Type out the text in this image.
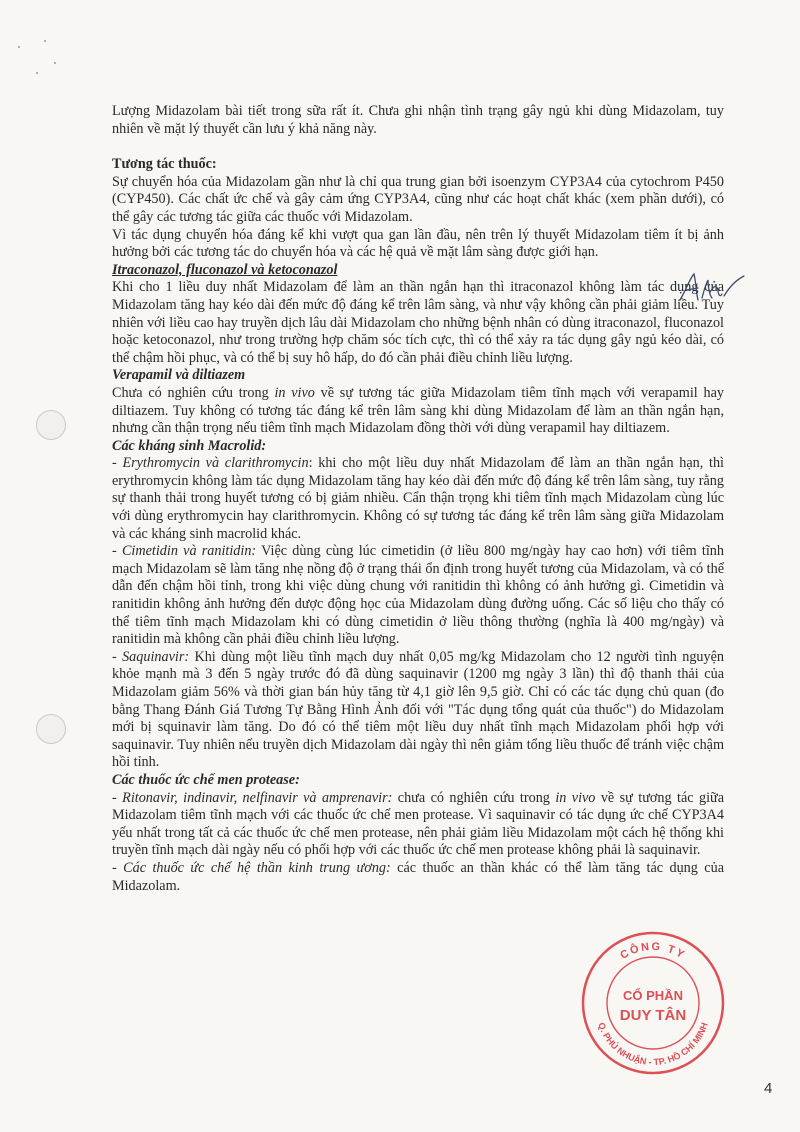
Lượng Midazolam bài tiết trong sữa rất ít. Chưa ghi nhận tình trạng gây ngủ khi dùng Midazolam, tuy nhiên về mặt lý thuyết cần lưu ý khả năng này.

Tương tác thuốc:

Sự chuyển hóa của Midazolam gần như là chỉ qua trung gian bởi isoenzym CYP3A4 của cytochrom P450 (CYP450). Các chất ức chế và gây cảm ứng CYP3A4, cũng như các hoạt chất khác (xem phần dưới), có thể gây các tương tác giữa các thuốc với Midazolam.

Vì tác dụng chuyển hóa đáng kể khi vượt qua gan lần đầu, nên trên lý thuyết Midazolam tiêm ít bị ảnh hưởng bởi các tương tác do chuyển hóa và các hệ quả về mặt lâm sàng được giới hạn.

Itraconazol, fluconazol và ketoconazol

Khi cho 1 liều duy nhất Midazolam để làm an thần ngắn hạn thì itraconazol không làm tác dụng của Midazolam tăng hay kéo dài đến mức độ đáng kể trên lâm sàng, và như vậy không cần phải giảm liều. Tuy nhiên với liều cao hay truyền dịch lâu dài Midazolam cho những bệnh nhân có dùng itraconazol, fluconazol hoặc ketoconazol, như trong trường hợp chăm sóc tích cực, thì có thể xảy ra tác dụng gây ngủ kéo dài, có thể chậm hồi phục, và có thể bị suy hô hấp, do đó cần phải điều chỉnh liều lượng.

Verapamil và diltiazem

Chưa có nghiên cứu trong in vivo về sự tương tác giữa Midazolam tiêm tĩnh mạch với verapamil hay diltiazem. Tuy không có tương tác đáng kể trên lâm sàng khi dùng Midazolam để làm an thần ngắn hạn, nhưng cần thận trọng nếu tiêm tĩnh mạch Midazolam đồng thời với dùng verapamil hay diltiazem.

Các kháng sinh Macrolid:

- Erythromycin và clarithromycin: khi cho một liều duy nhất Midazolam để làm an thần ngắn hạn, thì erythromycin không làm tác dụng Midazolam tăng hay kéo dài đến mức độ đáng kể trên lâm sàng, tuy rằng sự thanh thải trong huyết tương có bị giảm nhiều. Cẩn thận trọng khi tiêm tĩnh mạch Midazolam cùng lúc với dùng erythromycin hay clarithromycin. Không có sự tương tác đáng kể trên lâm sàng giữa Midazolam và các kháng sinh macrolid khác.

- Cimetidin và ranitidin: Việc dùng cùng lúc cimetidin (ở liều 800 mg/ngày hay cao hơn) với tiêm tĩnh mạch Midazolam sẽ làm tăng nhẹ nồng độ ở trạng thái ổn định trong huyết tương của Midazolam, và có thể dẫn đến chậm hồi tỉnh, trong khi việc dùng chung với ranitidin thì không có ảnh hưởng gì. Cimetidin và ranitidin không ảnh hưởng đến dược động học của Midazolam dùng đường uống. Các số liệu cho thấy có thể tiêm tĩnh mạch Midazolam khi có dùng cimetidin ở liều thông thường (nghĩa là 400 mg/ngày) và ranitidin mà không cần phải điều chỉnh liều lượng.

- Saquinavir: Khi dùng một liều tĩnh mạch duy nhất 0,05 mg/kg Midazolam cho 12 người tình nguyện khỏe mạnh mà 3 đến 5 ngày trước đó đã dùng saquinavir (1200 mg ngày 3 lần) thì độ thanh thải của Midazolam giảm 56% và thời gian bán hủy tăng từ 4,1 giờ lên 9,5 giờ. Chỉ có các tác dụng chủ quan (đo bằng Thang Đánh Giá Tương Tự Bằng Hình Ảnh đối với "Tác dụng tổng quát của thuốc") do Midazolam mới bị squinavir làm tăng. Do đó có thể tiêm một liều duy nhất tĩnh mạch Midazolam phối hợp với saquinavir. Tuy nhiên nếu truyền dịch Midazolam dài ngày thì nên giảm tổng liều thuốc để tránh việc chậm hồi tỉnh.

Các thuốc ức chế men protease:

- Ritonavir, indinavir, nelfinavir và amprenavir: chưa có nghiên cứu trong in vivo về sự tương tác giữa Midazolam tiêm tĩnh mạch với các thuốc ức chế men protease. Vì saquinavir có tác dụng ức chế CYP3A4 yếu nhất trong tất cả các thuốc ức chế men protease, nên phải giảm liều Midazolam một cách hệ thống khi truyền tĩnh mạch dài ngày nếu có phối hợp với các thuốc ức chế men protease không phải là saquinavir.

- Các thuốc ức chế hệ thần kinh trung ương: các thuốc an thần khác có thể làm tăng tác dụng của Midazolam.

CÔNG TY
Q. PHÚ NHUẬN - TP. HỒ CHÍ MINH
CỔ PHẦN
DUY TÂN
4
